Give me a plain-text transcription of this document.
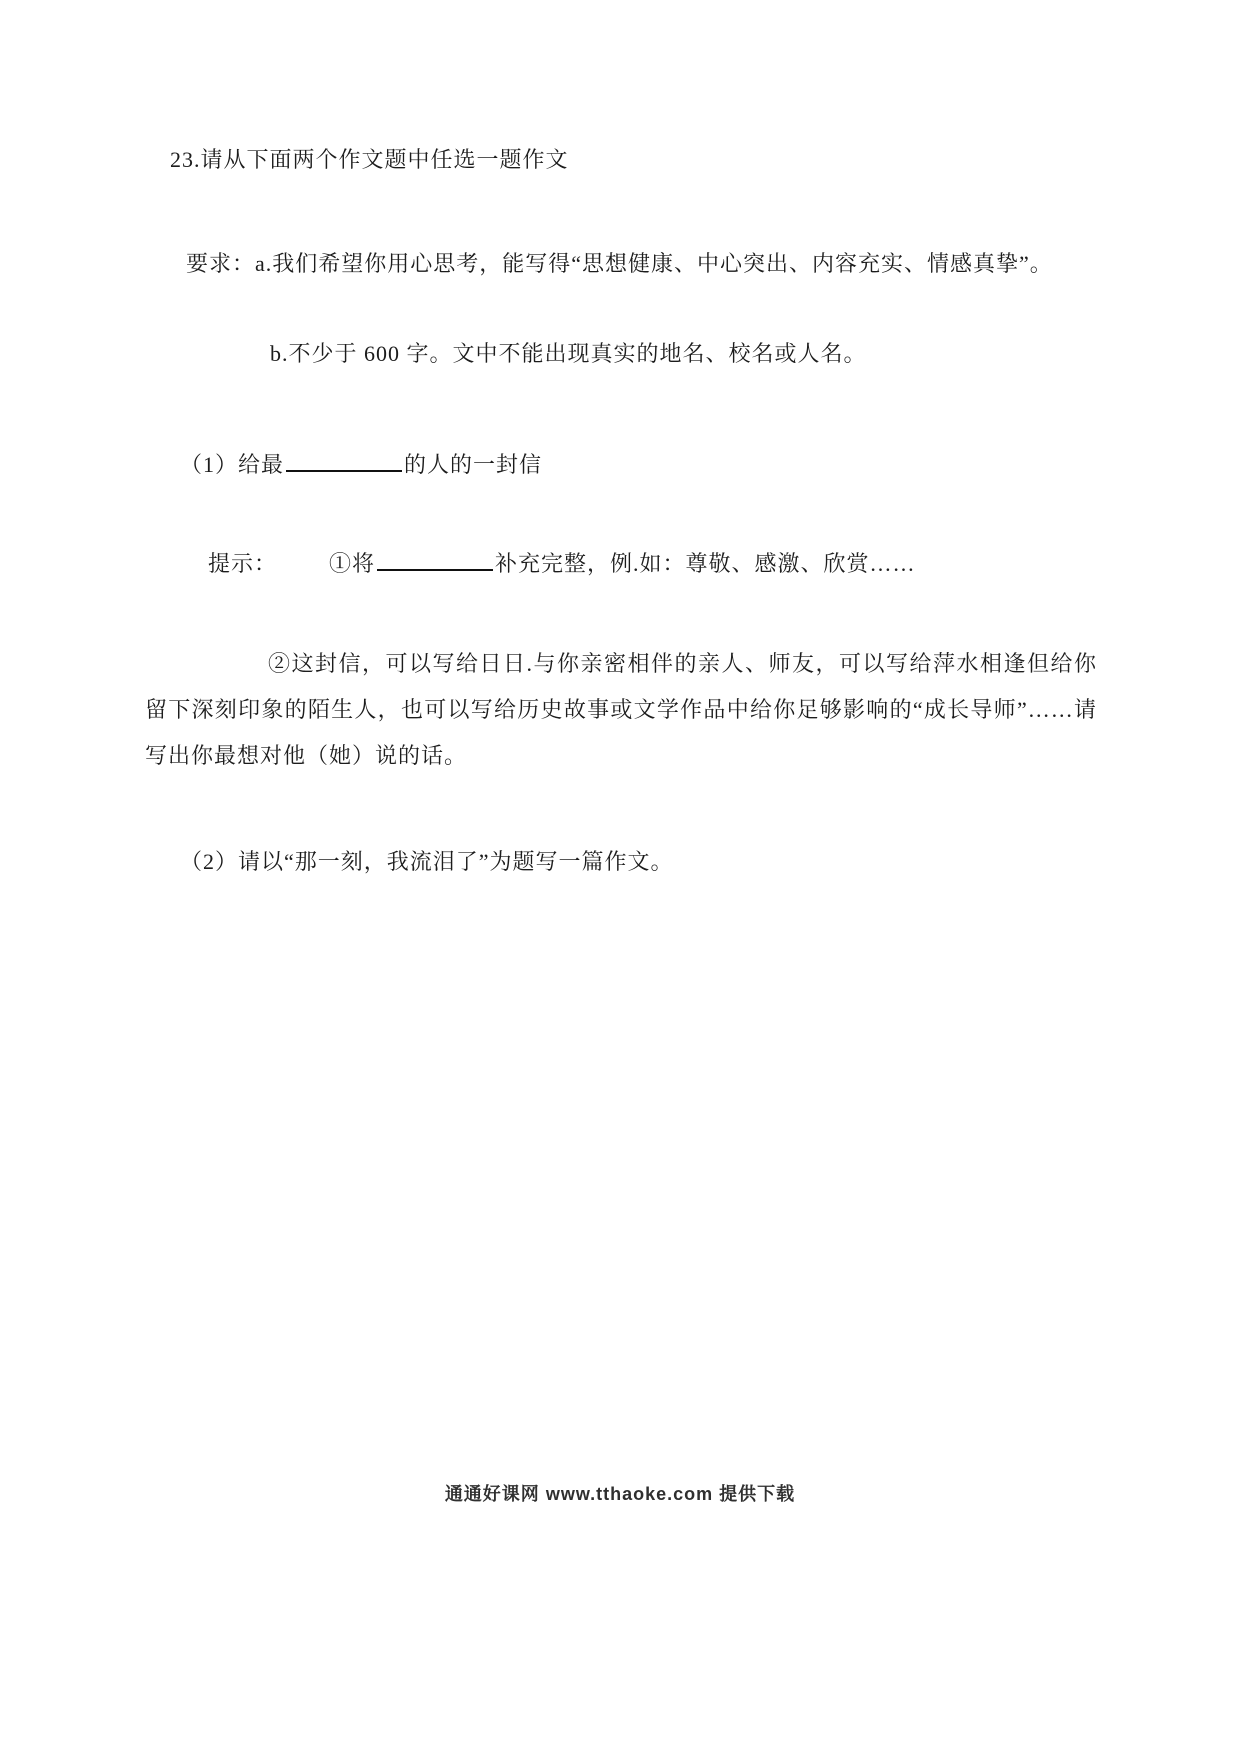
23.请从下面两个作文题中任选一题作文
要求：a.我们希望你用心思考，能写得“思想健康、中心突出、内容充实、情感真挚”。
b.不少于 600 字。文中不能出现真实的地名、校名或人名。
（1）给最	的人的一封信
提示： ①将	补充完整，例.如：尊敬、感激、欣赏……
②这封信，可以写给日日.与你亲密相伴的亲人、师友，可以写给萍水相逢但给你留下深刻印象的陌生人，也可以写给历史故事或文学作品中给你足够影响的“成长导师”……请写出你最想对他（她）说的话。
（2）请以“那一刻，我流泪了”为题写一篇作文。
通通好课网 www.tthaoke.com 提供下载
